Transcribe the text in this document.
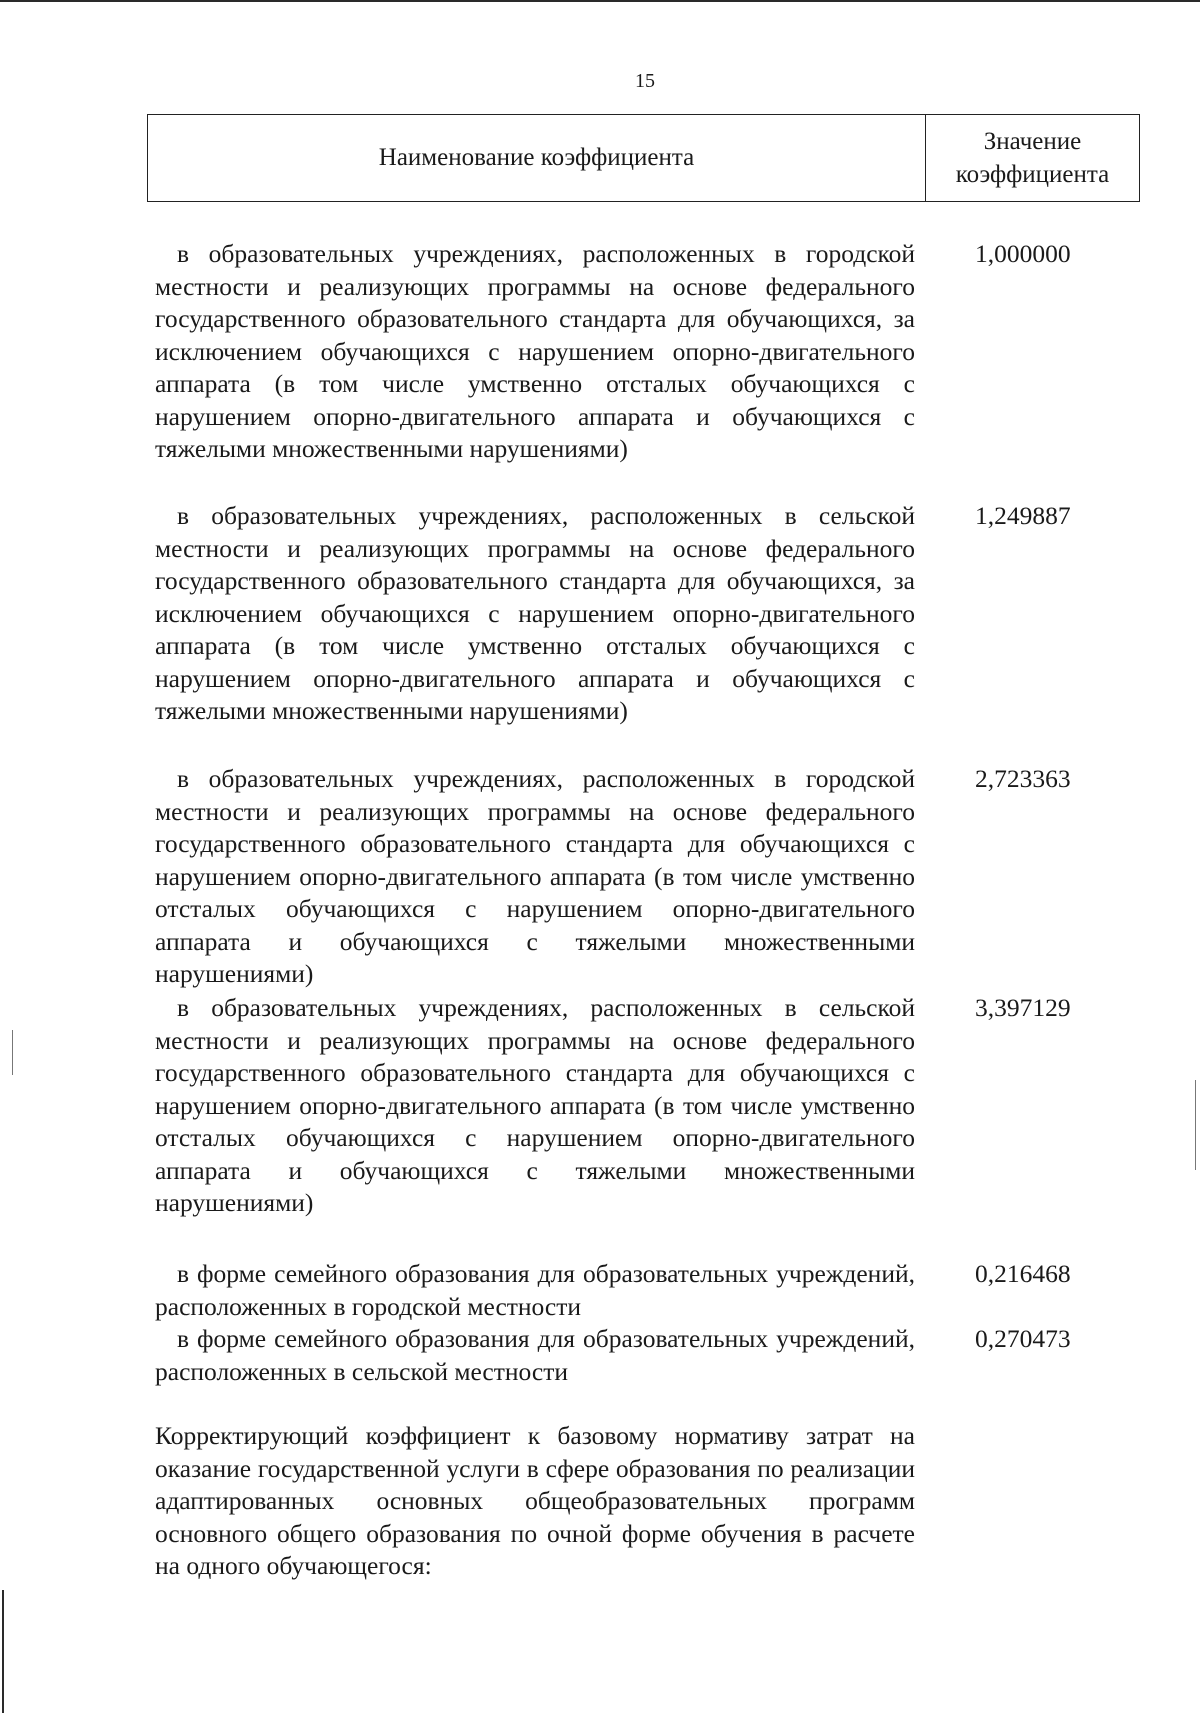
15
Наименование коэффициента
Значение
коэффициента
в образовательных учреждениях, расположенных в городской местности и реализующих программы на основе федерального государственного образовательного стандарта для обучающихся, за исключением обучающихся с нарушением опорно-двигательного аппарата (в том числе умственно отсталых обучающихся с нарушением опорно-двигательного аппарата и обучающихся с тяжелыми множественными нарушениями)
1,000000
в образовательных учреждениях, расположенных в сельской местности и реализующих программы на основе федерального государственного образовательного стандарта для обучающихся, за исключением обучающихся с нарушением опорно-двигательного аппарата (в том числе умственно отсталых обучающихся с нарушением опорно-двигательного аппарата и обучающихся с тяжелыми множественными нарушениями)
1,249887
в образовательных учреждениях, расположенных в городской местности и реализующих программы на основе федерального государственного образовательного стандарта для обучающихся с нарушением опорно-двигательного аппарата (в том числе умственно отсталых обучающихся с нарушением опорно-двигательного аппарата и обучающихся с тяжелыми множественными нарушениями)
2,723363
в образовательных учреждениях, расположенных в сельской местности и реализующих программы на основе федерального государственного образовательного стандарта для обучающихся с нарушением опорно-двигательного аппарата (в том числе умственно отсталых обучающихся с нарушением опорно-двигательного аппарата и обучающихся с тяжелыми множественными нарушениями)
3,397129
в форме семейного образования для образовательных учреждений, расположенных в городской местности
0,216468
в форме семейного образования для образовательных учреждений, расположенных в сельской местности
0,270473
Корректирующий коэффициент к базовому нормативу затрат на оказание государственной услуги в сфере образования по реализации адаптированных основных общеобразовательных программ основного общего образования по очной форме обучения в расчете на одного обучающегося:
